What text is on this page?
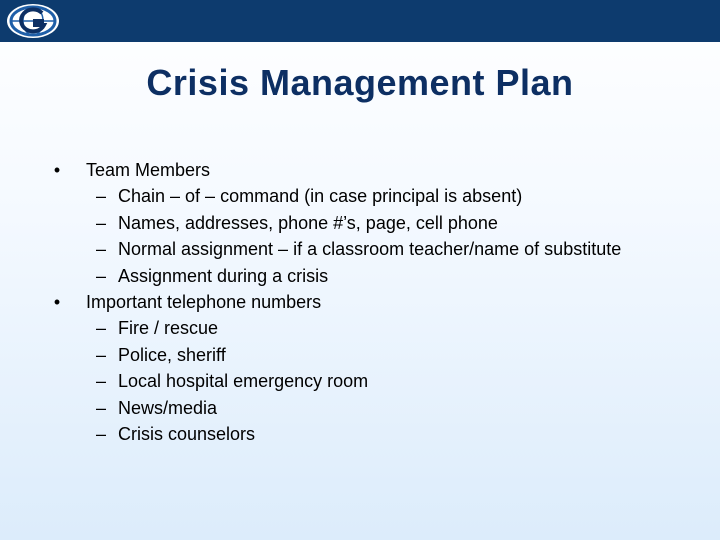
Crisis Management Plan
• Team Members
– Chain – of – command (in case principal is absent)
– Names, addresses, phone #’s, page, cell phone
– Normal assignment – if a classroom teacher/name of substitute
– Assignment during a crisis
• Important telephone numbers
– Fire / rescue
– Police, sheriff
– Local hospital emergency room
– News/media
– Crisis counselors
